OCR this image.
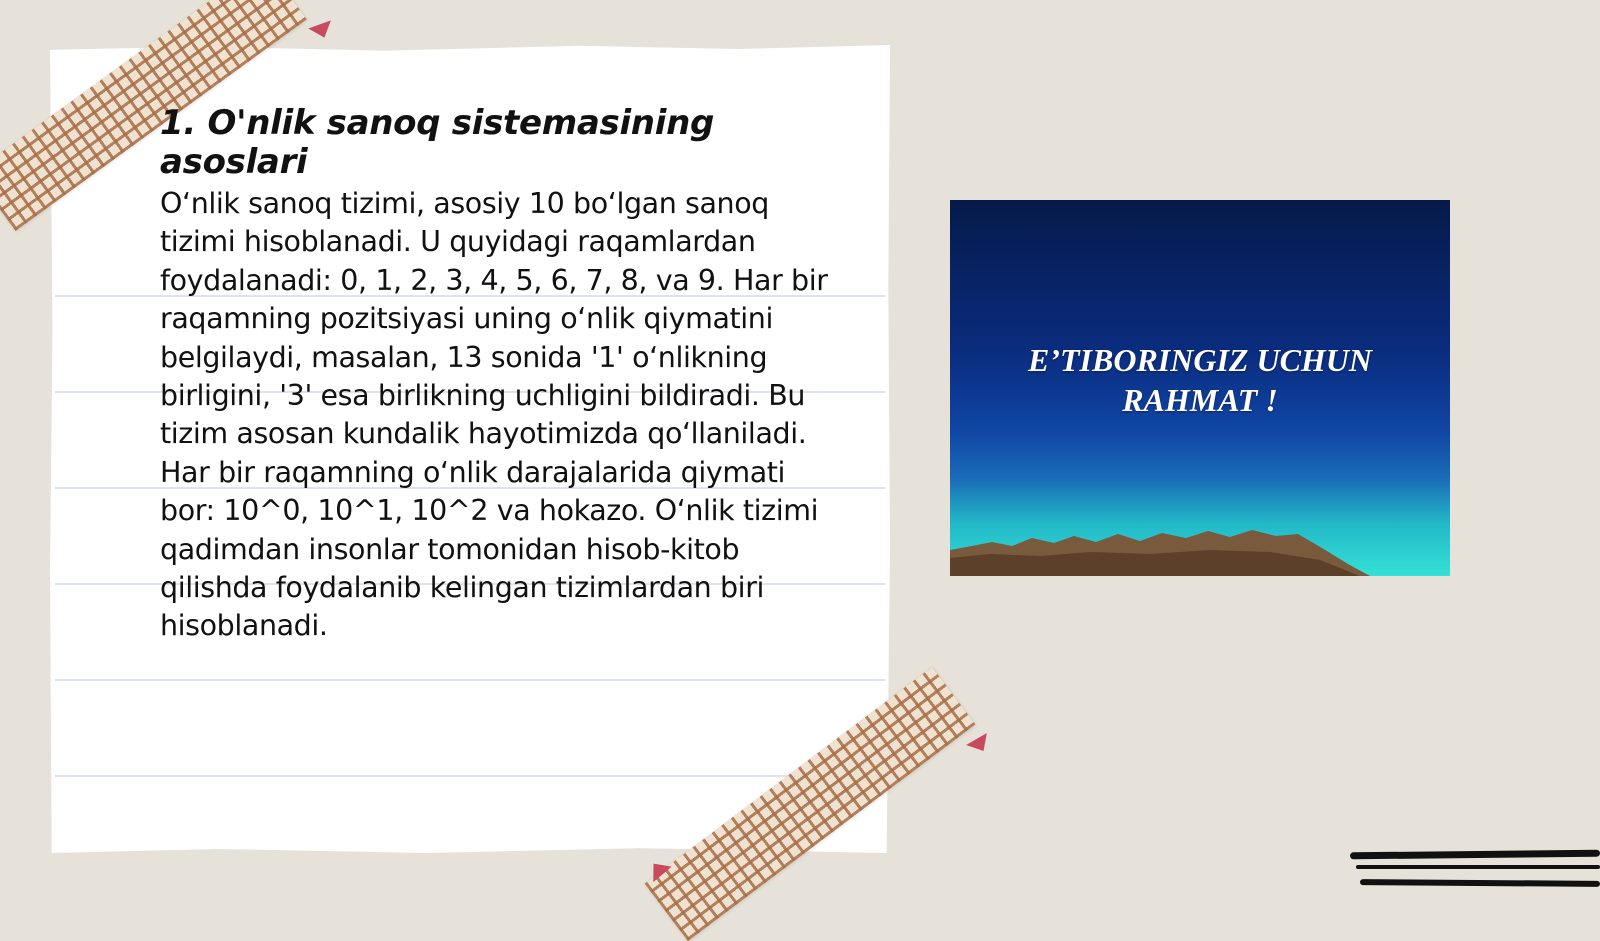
1. O'nlik sanoq sistemasining asoslari

O‘nlik sanoq tizimi, asosiy 10 bo‘lgan sanoq tizimi hisoblanadi. U quyidagi raqamlardan foydalanadi: 0, 1, 2, 3, 4, 5, 6, 7, 8, va 9. Har bir raqamning pozitsiyasi uning o‘nlik qiymatini belgilaydi, masalan, 13 sonida '1' o‘nlikning birligini, '3' esa birlikning uchligini bildiradi. Bu tizim asosan kundalik hayotimizda qo‘llaniladi. Har bir raqamning o‘nlik darajalarida qiymati bor: 10^0, 10^1, 10^2 va hokazo. O‘nlik tizimi qadimdan insonlar tomonidan hisob-kitob qilishda foydalanib kelingan tizimlardan biri hisoblanadi.

E’TIBORINGIZ UCHUN
RAHMAT !
